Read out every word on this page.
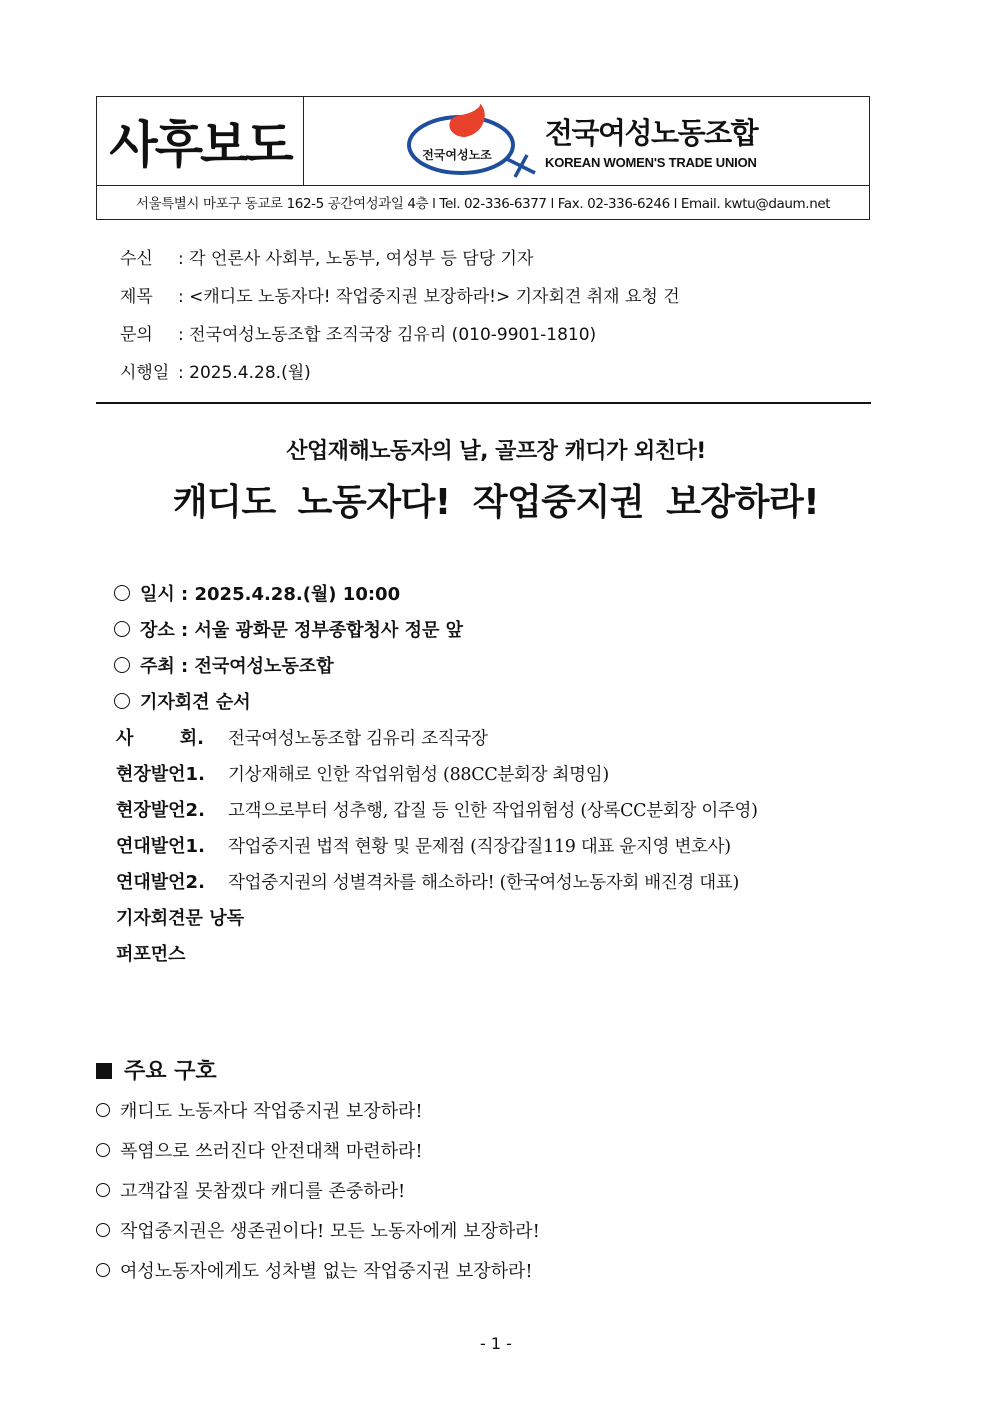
사후보도	전국여성노조
전국여성노동조합
KOREAN WOMEN'S TRADE UNION
서울특별시 마포구 동교로 162-5 공간여성과일 4층 l Tel. 02-336-6377 l Fax. 02-336-6246 l Email. kwtu@daum.net
수신 : 각 언론사 사회부, 노동부, 여성부 등 담당 기자
제목 : <캐디도 노동자다! 작업중지권 보장하라!> 기자회견 취재 요청 건
문의 : 전국여성노동조합 조직국장 김유리 (010-9901-1810)
시행일 : 2025.4.28.(월)
산업재해노동자의 날, 골프장 캐디가 외친다!
캐디도 노동자다! 작업중지권 보장하라!
일시 : 2025.4.28.(월) 10:00
장소 : 서울 광화문 정부종합청사 정문 앞
주최 : 전국여성노동조합
기자회견 순서
사 회. 전국여성노동조합 김유리 조직국장
현장발언1. 기상재해로 인한 작업위험성 (88CC분회장 최명임)
현장발언2. 고객으로부터 성추행, 갑질 등 인한 작업위험성 (상록CC분회장 이주영)
연대발언1. 작업중지권 법적 현황 및 문제점 (직장갑질119 대표 윤지영 변호사)
연대발언2. 작업중지권의 성별격차를 해소하라! (한국여성노동자회 배진경 대표)
기자회견문 낭독
퍼포먼스
주요 구호
캐디도 노동자다 작업중지권 보장하라!
폭염으로 쓰러진다 안전대책 마련하라!
고객갑질 못참겠다 캐디를 존중하라!
작업중지권은 생존권이다! 모든 노동자에게 보장하라!
여성노동자에게도 성차별 없는 작업중지권 보장하라!
- 1 -
